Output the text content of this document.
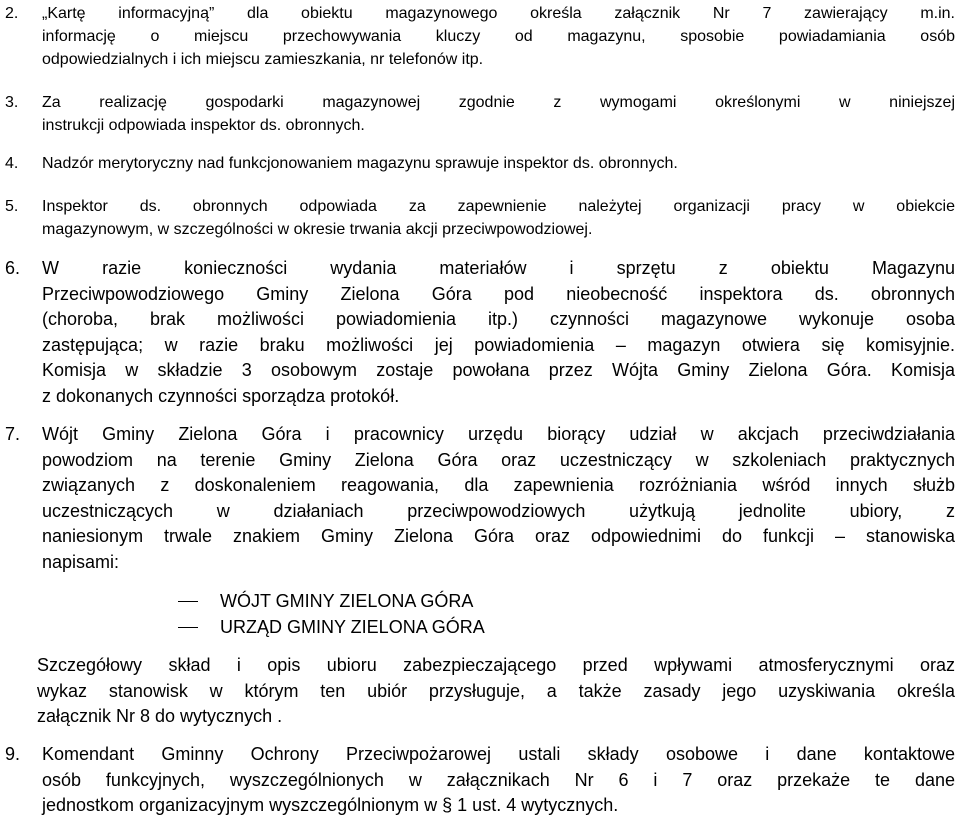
2. „Kartę informacyjną” dla obiektu magazynowego określa załącznik Nr 7 zawierający m.in.
informację o miejscu przechowywania kluczy od magazynu, sposobie powiadamiania osób
odpowiedzialnych i ich miejscu zamieszkania, nr telefonów itp.
3. Za realizację gospodarki magazynowej zgodnie z wymogami określonymi w niniejszej
instrukcji odpowiada inspektor ds. obronnych.
4. Nadzór merytoryczny nad funkcjonowaniem magazynu sprawuje inspektor ds. obronnych.
5. Inspektor ds. obronnych odpowiada za zapewnienie należytej organizacji pracy w obiekcie
magazynowym, w szczególności w okresie trwania akcji przeciwpowodziowej.
6. W razie konieczności wydania materiałów i sprzętu z obiektu Magazynu
Przeciwpowodziowego Gminy Zielona Góra pod nieobecność inspektora ds. obronnych
(choroba, brak możliwości powiadomienia itp.) czynności magazynowe wykonuje osoba
zastępująca; w razie braku możliwości jej powiadomienia – magazyn otwiera się komisyjnie.
Komisja w składzie 3 osobowym zostaje powołana przez Wójta Gminy Zielona Góra. Komisja
z dokonanych czynności sporządza protokół.
7. Wójt Gminy Zielona Góra i pracownicy urzędu biorący udział w akcjach przeciwdziałania
powodziom na terenie Gminy Zielona Góra oraz uczestniczący w szkoleniach praktycznych
związanych z doskonaleniem reagowania, dla zapewnienia rozróżniania wśród innych służb
uczestniczących w działaniach przeciwpowodziowych użytkują jednolite ubiory, z
naniesionym trwale znakiem Gminy Zielona Góra oraz odpowiednimi do funkcji – stanowiska
napisami:
WÓJT GMINY ZIELONA GÓRA
URZĄD GMINY ZIELONA GÓRA
Szczegółowy skład i opis ubioru zabezpieczającego przed wpływami atmosferycznymi oraz
wykaz stanowisk w którym ten ubiór przysługuje, a także zasady jego uzyskiwania określa
załącznik Nr 8 do wytycznych .
9. Komendant Gminny Ochrony Przeciwpożarowej ustali składy osobowe i dane kontaktowe
osób funkcyjnych, wyszczególnionych w załącznikach Nr 6 i 7 oraz przekaże te dane
jednostkom organizacyjnym wyszczególnionym w § 1 ust. 4 wytycznych.
